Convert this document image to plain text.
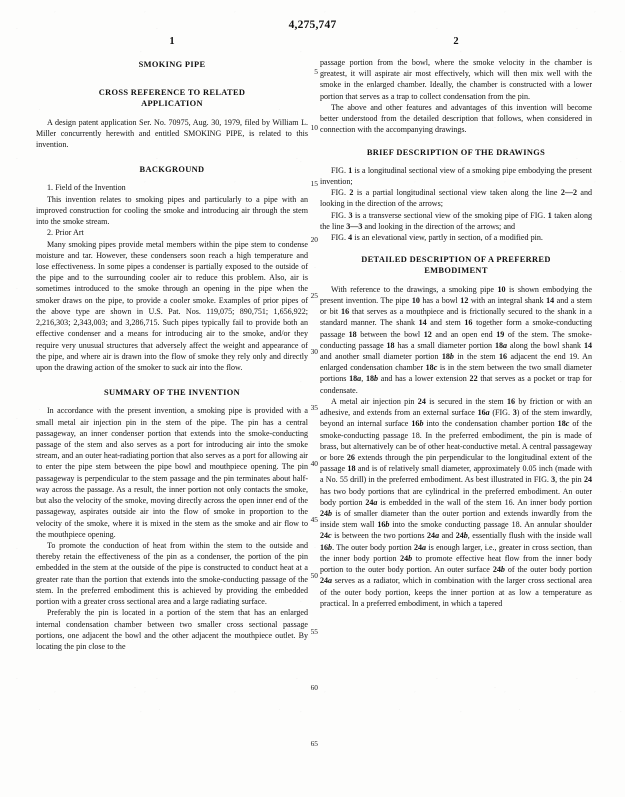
4,275,747
5
10
15
20
25
30
35
40
45
50
55
60
65
1
SMOKING PIPE
CROSS REFERENCE TO RELATED
APPLICATION

A design patent application Ser. No. 70975, Aug. 30, 1979, filed by William L. Miller concurrently herewith and entitled SMOKING PIPE, is related to this invention.

BACKGROUND

1. Field of the Invention

This invention relates to smoking pipes and particularly to a pipe with an improved construction for cooling the smoke and introducing air through the stem into the smoke stream.

2. Prior Art

Many smoking pipes provide metal members within the pipe stem to condense moisture and tar. However, these condensers soon reach a high temperature and lose effectiveness. In some pipes a condenser is partially exposed to the outside of the pipe and to the surrounding cooler air to reduce this problem. Also, air is sometimes introduced to the smoke through an opening in the pipe when the smoker draws on the pipe, to provide a cooler smoke. Examples of prior pipes of the above type are shown in U.S. Pat. Nos. 119,075; 890,751; 1,656,922; 2,216,303; 2,343,003; and 3,286,715. Such pipes typically fail to provide both an effective condenser and a means for introducing air to the smoke, and/or they require very unusual structures that adversely affect the weight and appearance of the pipe, and where air is drawn into the flow of smoke they rely only and directly upon the drawing action of the smoker to suck air into the flow.

SUMMARY OF THE INVENTION

In accordance with the present invention, a smoking pipe is provided with a small metal air injection pin in the stem of the pipe. The pin has a central passageway, an inner condenser portion that extends into the smoke-conducting passage of the stem and also serves as a port for introducing air into the smoke stream, and an outer heat-radiating portion that also serves as a port for allowing air to enter the pipe stem between the pipe bowl and mouthpiece opening. The pin passageway is perpendicular to the stem passage and the pin terminates about half-way across the passage. As a result, the inner portion not only contacts the smoke, but also the velocity of the smoke, moving directly across the open inner end of the passageway, aspirates outside air into the flow of smoke in proportion to the velocity of the smoke, where it is mixed in the stem as the smoke and air flow to the mouthpiece opening.

To promote the conduction of heat from within the stem to the outside and thereby retain the effectiveness of the pin as a condenser, the portion of the pin embedded in the stem at the outside of the pipe is constructed to conduct heat at a greater rate than the portion that extends into the smoke-conducting passage of the stem. In the preferred embodiment this is achieved by providing the embedded portion with a greater cross sectional area and a large radiating surface.

Preferably the pin is located in a portion of the stem that has an enlarged internal condensation chamber between two smaller cross sectional passage portions, one adjacent the bowl and the other adjacent the mouthpiece outlet. By locating the pin close to the

2

passage portion from the bowl, where the smoke velocity in the chamber is greatest, it will aspirate air most effectively, which will then mix well with the smoke in the enlarged chamber. Ideally, the chamber is constructed with a lower portion that serves as a trap to collect condensation from the pin.

The above and other features and advantages of this invention will become better understood from the detailed description that follows, when considered in connection with the accompanying drawings.

BRIEF DESCRIPTION OF THE DRAWINGS

FIG. 1 is a longitudinal sectional view of a smoking pipe embodying the present invention;

FIG. 2 is a partial longitudinal sectional view taken along the line 2—2 and looking in the direction of the arrows;

FIG. 3 is a transverse sectional view of the smoking pipe of FIG. 1 taken along the line 3—3 and looking in the direction of the arrows; and

FIG. 4 is an elevational view, partly in section, of a modified pin.

DETAILED DESCRIPTION OF A PREFERRED
EMBODIMENT

With reference to the drawings, a smoking pipe 10 is shown embodying the present invention. The pipe 10 has a bowl 12 with an integral shank 14 and a stem or bit 16 that serves as a mouthpiece and is frictionally secured to the shank in a standard manner. The shank 14 and stem 16 together form a smoke-conducting passage 18 between the bowl 12 and an open end 19 of the stem. The smoke-conducting passage 18 has a small diameter portion 18a along the bowl shank 14 and another small diameter portion 18b in the stem 16 adjacent the end 19. An enlarged condensation chamber 18c is in the stem between the two small diameter portions 18a, 18b and has a lower extension 22 that serves as a pocket or trap for condensate.

A metal air injection pin 24 is secured in the stem 16 by friction or with an adhesive, and extends from an external surface 16a (FIG. 3) of the stem inwardly, beyond an internal surface 16b into the condensation chamber portion 18c of the smoke-conducting passage 18. In the preferred embodiment, the pin is made of brass, but alternatively can be of other heat-conductive metal. A central passageway or bore 26 extends through the pin perpendicular to the longitudinal extent of the passage 18 and is of relatively small diameter, approximately 0.05 inch (made with a No. 55 drill) in the preferred embodiment. As best illustrated in FIG. 3, the pin 24 has two body portions that are cylindrical in the preferred embodiment. An outer body portion 24a is embedded in the wall of the stem 16. An inner body portion 24b is of smaller diameter than the outer portion and extends inwardly from the inside stem wall 16b into the smoke conducting passage 18. An annular shoulder 24c is between the two portions 24a and 24b, essentially flush with the inside wall 16b. The outer body portion 24a is enough larger, i.e., greater in cross section, than the inner body portion 24b to promote effective heat flow from the inner body portion to the outer body portion. An outer surface 24b of the outer body portion 24a serves as a radiator, which in combination with the larger cross sectional area of the outer body portion, keeps the inner portion at as low a temperature as practical. In a preferred embodiment, in which a tapered
